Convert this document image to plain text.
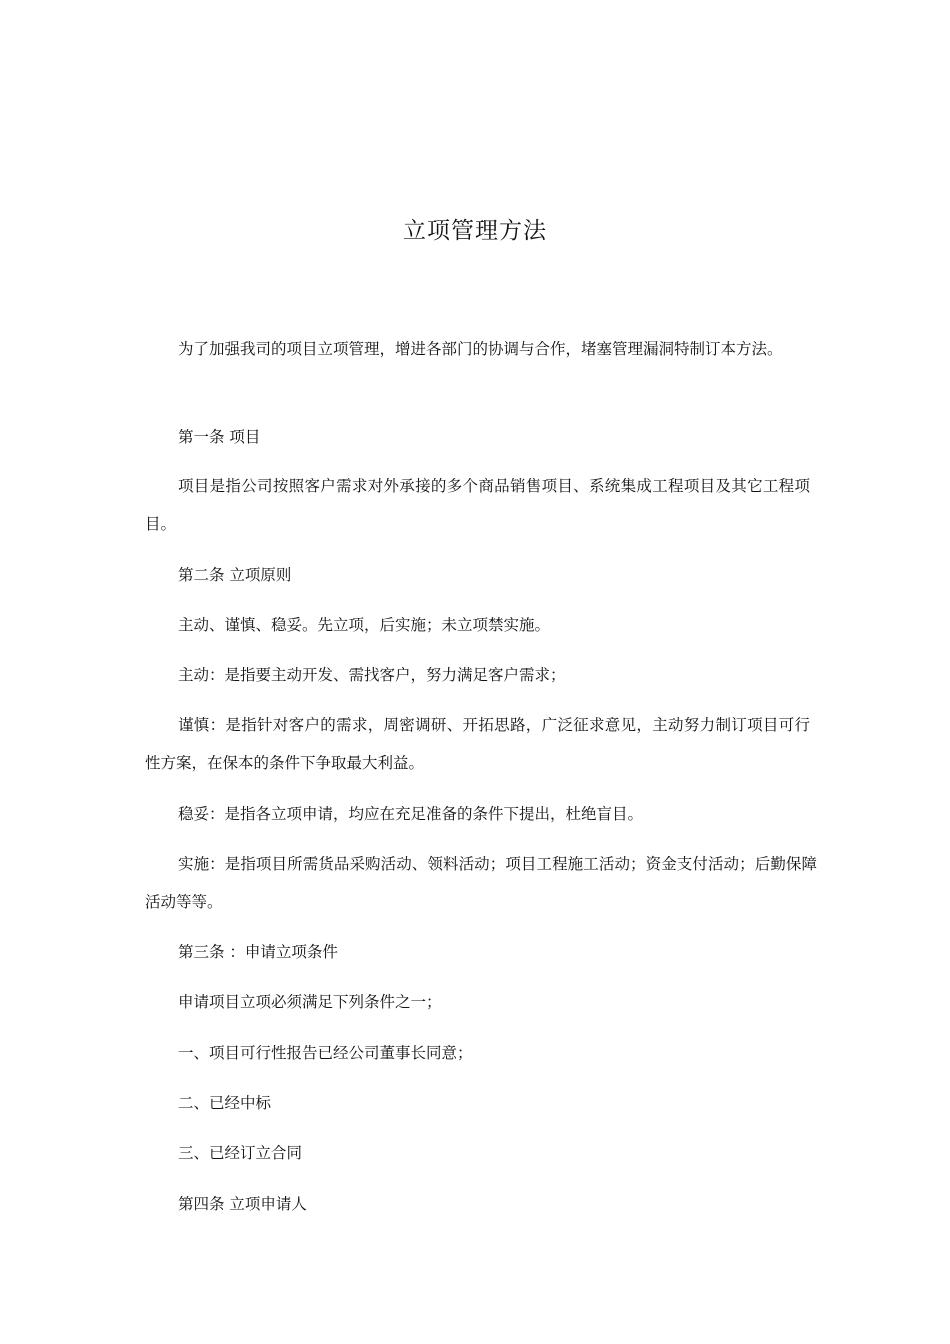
立项管理方法

为了加强我司的项目立项管理，增进各部门的协调与合作，堵塞管理漏洞特制订本方法。

第一条 项目

项目是指公司按照客户需求对外承接的多个商品销售项目、系统集成工程项目及其它工程项目。

第二条 立项原则

主动、谨慎、稳妥。先立项，后实施；未立项禁实施。

主动：是指要主动开发、需找客户，努力满足客户需求；

谨慎：是指针对客户的需求，周密调研、开拓思路，广泛征求意见，主动努力制订项目可行性方案，在保本的条件下争取最大利益。

稳妥：是指各立项申请，均应在充足准备的条件下提出，杜绝盲目。

实施：是指项目所需货品采购活动、领料活动；项目工程施工活动；资金支付活动；后勤保障活动等等。

第三条 ：申请立项条件

申请项目立项必须满足下列条件之一；

一、项目可行性报告已经公司董事长同意；

二、已经中标

三、已经订立合同

第四条 立项申请人
